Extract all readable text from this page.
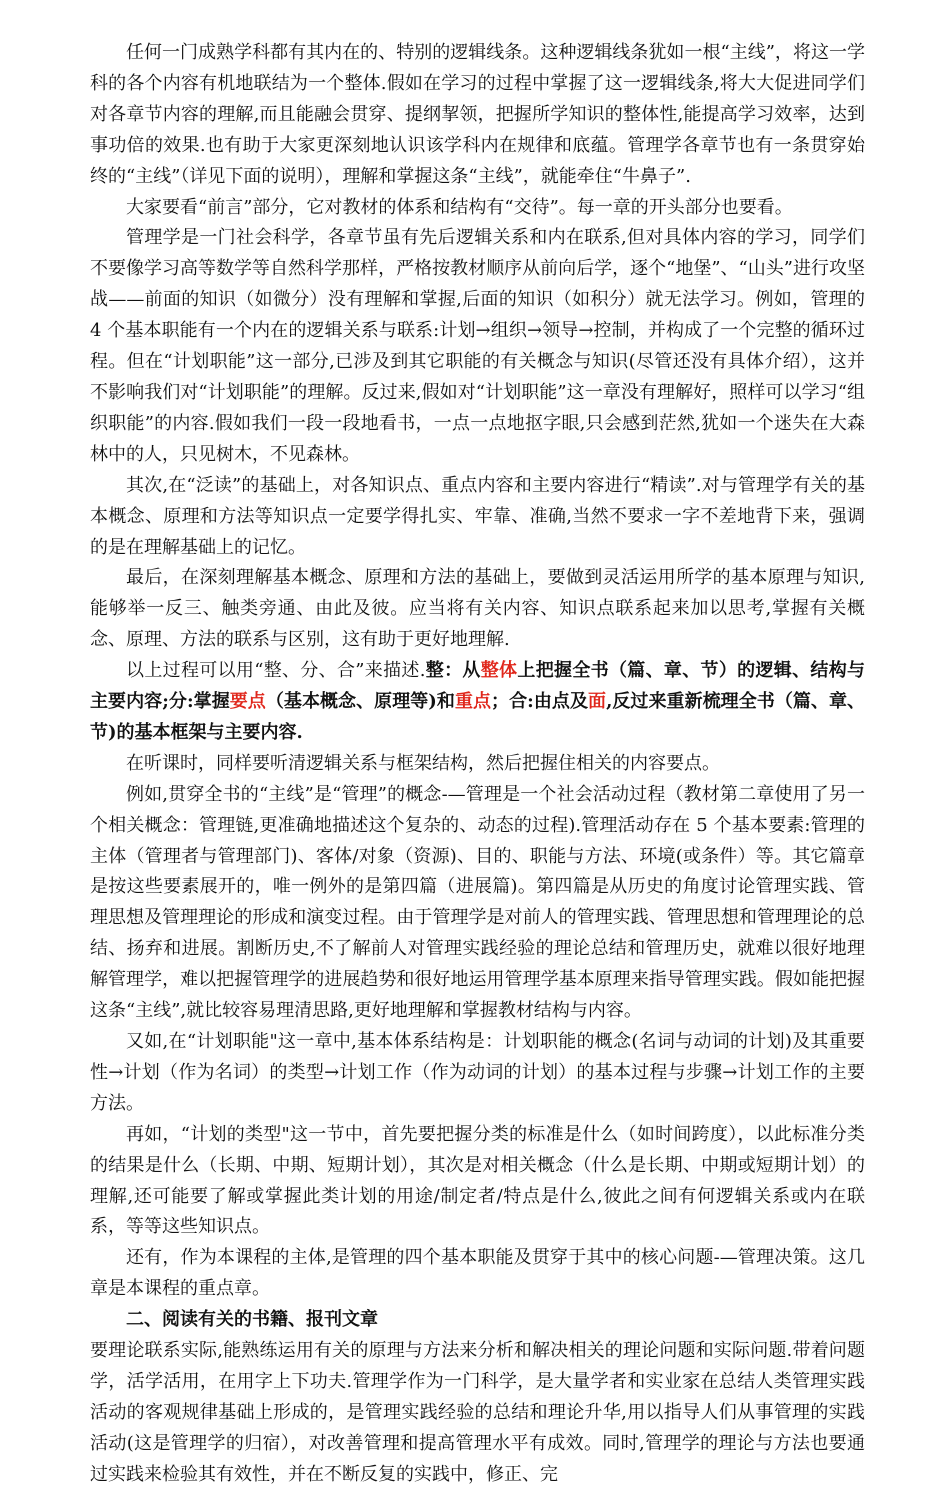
任何一门成熟学科都有其内在的、特别的逻辑线条。这种逻辑线条犹如一根“主线”，将这一学科的各个内容有机地联结为一个整体.假如在学习的过程中掌握了这一逻辑线条,将大大促进同学们对各章节内容的理解,而且能融会贯穿、提纲挈领，把握所学知识的整体性,能提高学习效率，达到事功倍的效果.也有助于大家更深刻地认识该学科内在规律和底蕴。管理学各章节也有一条贯穿始终的“主线”（详见下面的说明），理解和掌握这条“主线”，就能牵住“牛鼻子”.

大家要看“前言”部分，它对教材的体系和结构有“交待”。每一章的开头部分也要看。

管理学是一门社会科学，各章节虽有先后逻辑关系和内在联系,但对具体内容的学习，同学们不要像学习高等数学等自然科学那样，严格按教材顺序从前向后学，逐个“地堡”、“山头”进行攻坚战——前面的知识（如微分）没有理解和掌握,后面的知识（如积分）就无法学习。例如，管理的 4 个基本职能有一个内在的逻辑关系与联系:计划→组织→领导→控制，并构成了一个完整的循环过程。但在“计划职能”这一部分,已涉及到其它职能的有关概念与知识(尽管还没有具体介绍），这并不影响我们对“计划职能”的理解。反过来,假如对“计划职能”这一章没有理解好，照样可以学习“组织职能”的内容.假如我们一段一段地看书，一点一点地抠字眼,只会感到茫然,犹如一个迷失在大森林中的人，只见树木，不见森林。

其次,在“泛读”的基础上，对各知识点、重点内容和主要内容进行“精读”.对与管理学有关的基本概念、原理和方法等知识点一定要学得扎实、牢靠、准确,当然不要求一字不差地背下来，强调的是在理解基础上的记忆。

最后，在深刻理解基本概念、原理和方法的基础上，要做到灵活运用所学的基本原理与知识,能够举一反三、触类旁通、由此及彼。应当将有关内容、知识点联系起来加以思考,掌握有关概念、原理、方法的联系与区别，这有助于更好地理解.

以上过程可以用“整、分、合”来描述.整：从整体上把握全书（篇、章、节）的逻辑、结构与主要内容;分:掌握要点（基本概念、原理等)和重点；合:由点及面,反过来重新梳理全书（篇、章、节)的基本框架与主要内容.

在听课时，同样要听清逻辑关系与框架结构，然后把握住相关的内容要点。

例如,贯穿全书的“主线”是“管理”的概念-—管理是一个社会活动过程（教材第二章使用了另一个相关概念：管理链,更准确地描述这个复杂的、动态的过程).管理活动存在 5 个基本要素:管理的主体（管理者与管理部门)、客体/对象（资源)、目的、职能与方法、环境(或条件）等。其它篇章是按这些要素展开的，唯一例外的是第四篇（进展篇)。第四篇是从历史的角度讨论管理实践、管理思想及管理理论的形成和演变过程。由于管理学是对前人的管理实践、管理思想和管理理论的总结、扬弃和进展。割断历史,不了解前人对管理实践经验的理论总结和管理历史，就难以很好地理解管理学，难以把握管理学的进展趋势和很好地运用管理学基本原理来指导管理实践。假如能把握这条“主线”,就比较容易理清思路,更好地理解和掌握教材结构与内容。

又如,在“计划职能"这一章中,基本体系结构是：计划职能的概念(名词与动词的计划)及其重要性→计划（作为名词）的类型→计划工作（作为动词的计划）的基本过程与步骤→计划工作的主要方法。

再如，“计划的类型"这一节中，首先要把握分类的标准是什么（如时间跨度），以此标准分类的结果是什么（长期、中期、短期计划），其次是对相关概念（什么是长期、中期或短期计划）的理解,还可能要了解或掌握此类计划的用途/制定者/特点是什么,彼此之间有何逻辑关系或内在联系，等等这些知识点。

还有，作为本课程的主体,是管理的四个基本职能及贯穿于其中的核心问题-—管理决策。这几章是本课程的重点章。

二、阅读有关的书籍、报刊文章

要理论联系实际,能熟练运用有关的原理与方法来分析和解决相关的理论问题和实际问题.带着问题学，活学活用，在用字上下功夫.管理学作为一门科学，是大量学者和实业家在总结人类管理实践活动的客观规律基础上形成的，是管理实践经验的总结和理论升华,用以指导人们从事管理的实践活动(这是管理学的归宿），对改善管理和提高管理水平有成效。同时,管理学的理论与方法也要通过实践来检验其有效性，并在不断反复的实践中，修正、完
